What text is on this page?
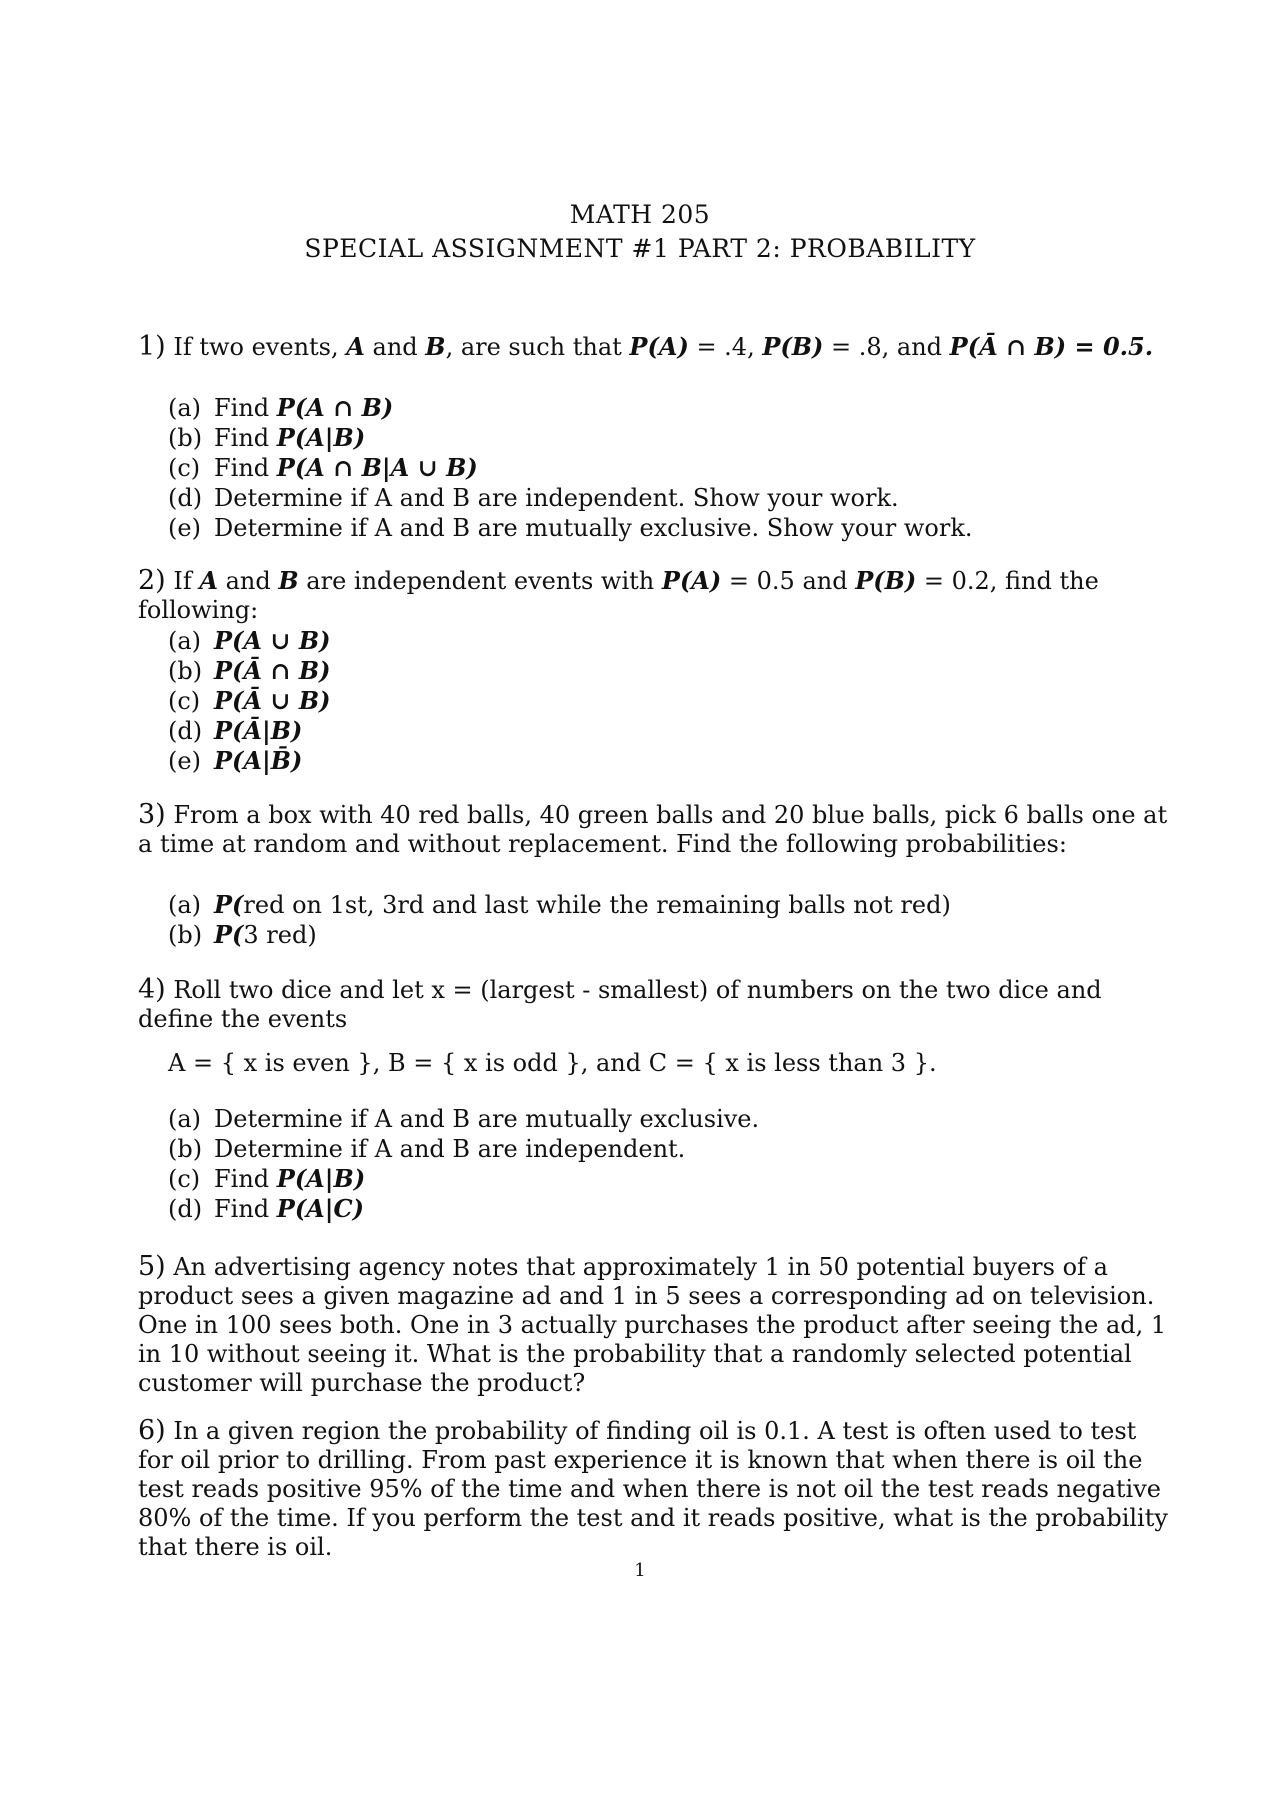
MATH 205
SPECIAL ASSIGNMENT #1 PART 2: PROBABILITY
1) If two events, A and B, are such that P(A) = .4, P(B) = .8, and P(Ā ∩ B) = 0.5.
(a) Find P(A ∩ B)
(b) Find P(A|B)
(c) Find P(A ∩ B|A ∪ B)
(d) Determine if A and B are independent. Show your work.
(e) Determine if A and B are mutually exclusive. Show your work.
2) If A and B are independent events with P(A) = 0.5 and P(B) = 0.2, find the following:
(a) P(A ∪ B)
(b) P(Ā ∩ B)
(c) P(Ā ∪ B)
(d) P(Ā|B)
(e) P(A|B̄)
3) From a box with 40 red balls, 40 green balls and 20 blue balls, pick 6 balls one at a time at random and without replacement. Find the following probabilities:
(a) P(red on 1st, 3rd and last while the remaining balls not red)
(b) P(3 red)
4) Roll two dice and let x = (largest - smallest) of numbers on the two dice and define the events
A = { x is even }, B = { x is odd }, and C = { x is less than 3 }.
(a) Determine if A and B are mutually exclusive.
(b) Determine if A and B are independent.
(c) Find P(A|B)
(d) Find P(A|C)
5) An advertising agency notes that approximately 1 in 50 potential buyers of a product sees a given magazine ad and 1 in 5 sees a corresponding ad on television. One in 100 sees both. One in 3 actually purchases the product after seeing the ad, 1 in 10 without seeing it. What is the probability that a randomly selected potential customer will purchase the product?
6) In a given region the probability of finding oil is 0.1. A test is often used to test for oil prior to drilling. From past experience it is known that when there is oil the test reads positive 95% of the time and when there is not oil the test reads negative 80% of the time. If you perform the test and it reads positive, what is the probability that there is oil.
1
